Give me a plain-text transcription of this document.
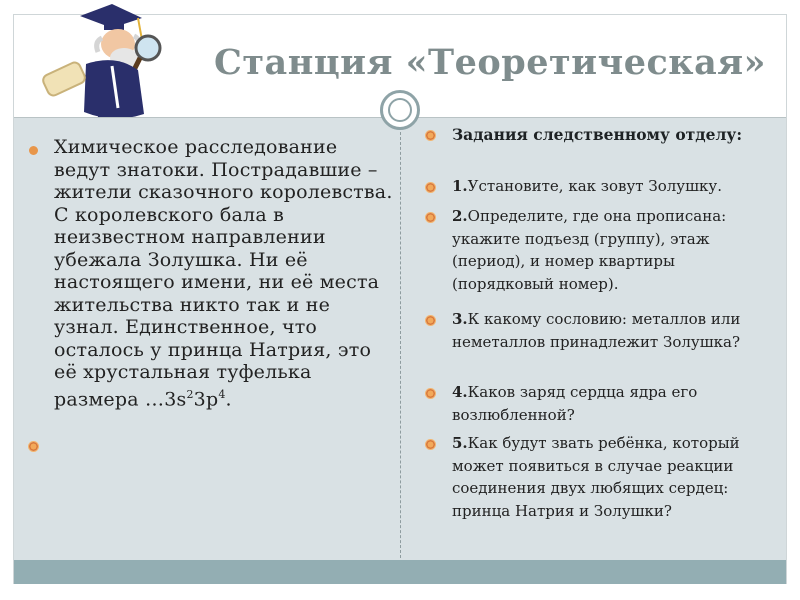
Станция «Теоретическая»
Химическое расследование ведут знатоки. Пострадавшие – жители сказочного королевства.
С королевского бала в неизвестном направлении убежала Золушка. Ни её настоящего имени, ни её места жительства никто так и не узнал. Единственное, что осталось у принца Натрия, это её хрустальная туфелька размера $\dots 3s^23p^4$.
Задания следственному отделу:
1.Установите, как зовут Золушку.
2.Определите, где она прописана: укажите подъезд (группу), этаж (период), и номер квартиры (порядковый номер).
3.К какому сословию: металлов или неметаллов принадлежит Золушка?
4.Каков заряд сердца ядра его возлюбленной?
5.Как будут звать ребёнка, который может появиться в случае реакции соединения двух любящих сердец: принца Натрия и Золушки?
